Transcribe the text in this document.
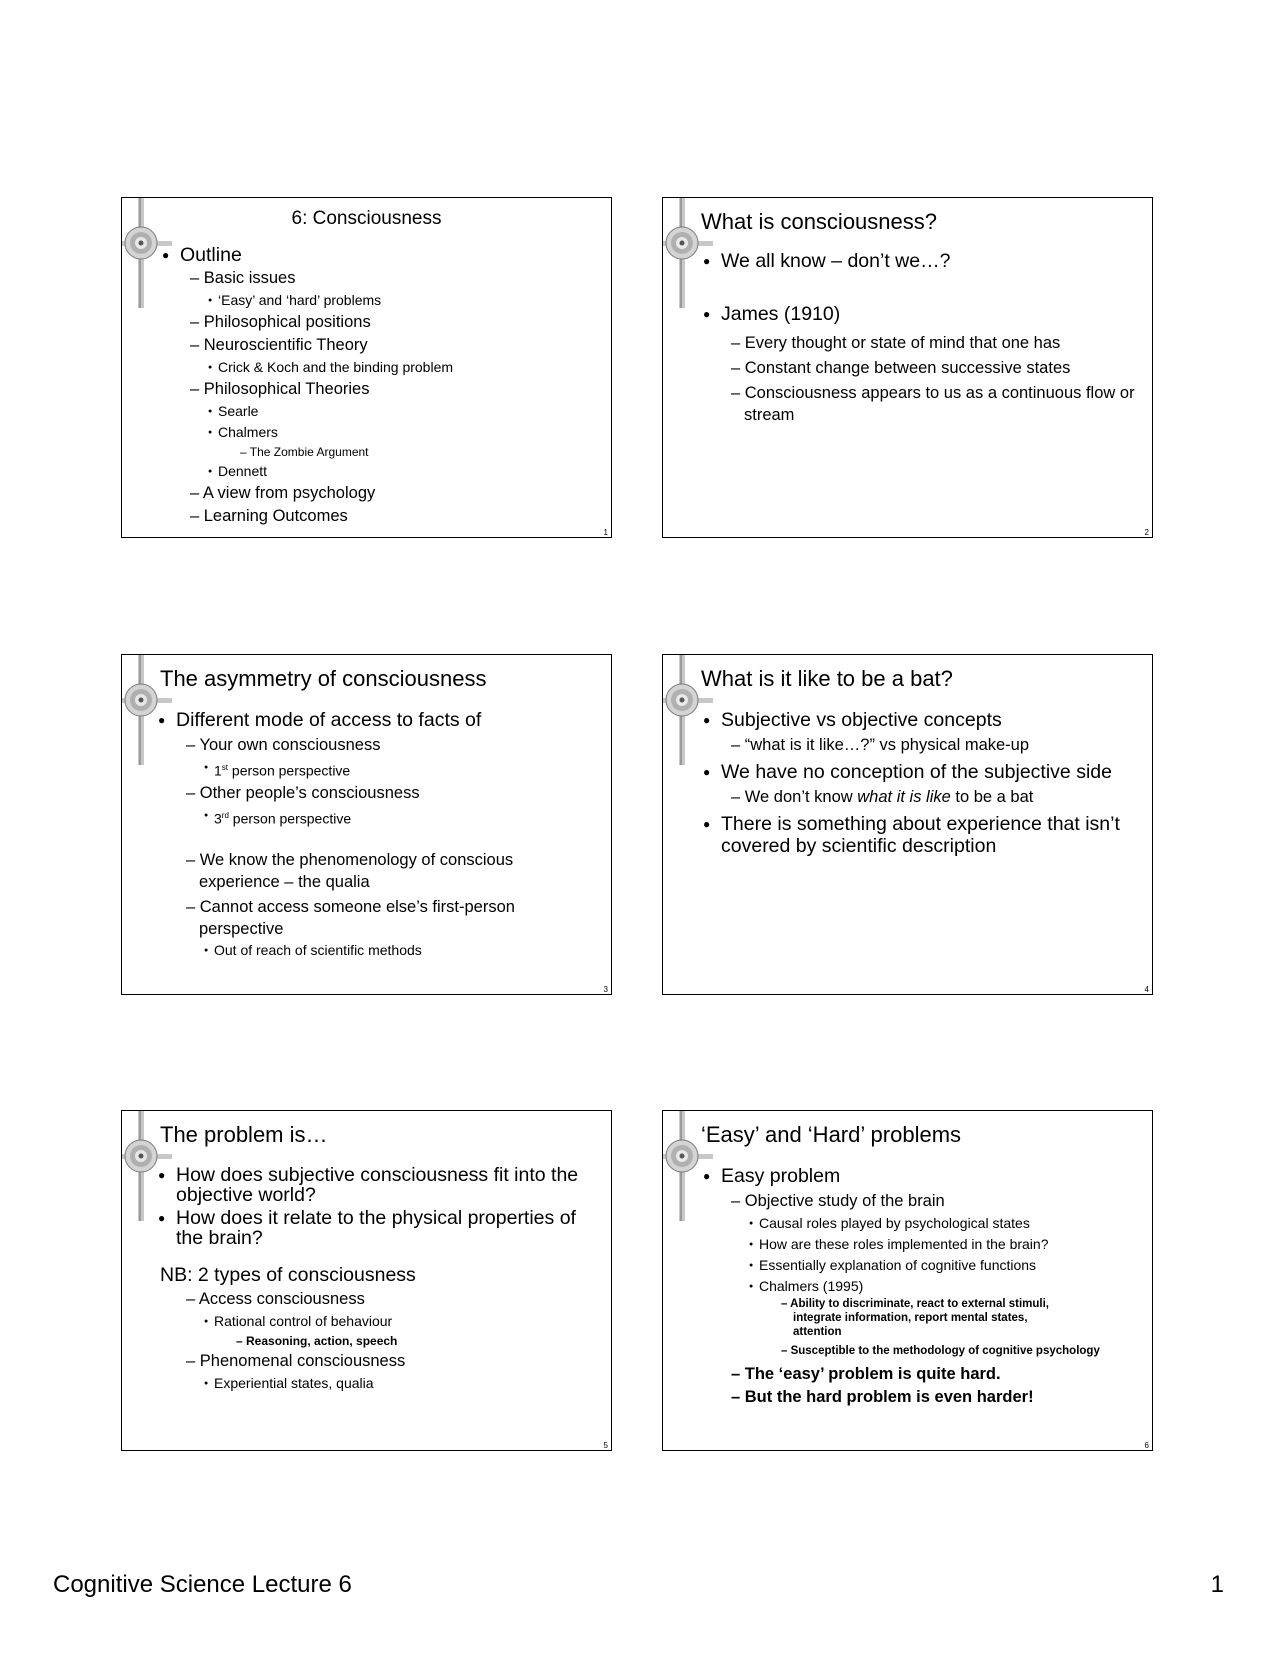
6: Consciousness
● Outline
– Basic issues
● ‘Easy’ and ‘hard’ problems
– Philosophical positions
– Neuroscientific Theory
● Crick & Koch and the binding problem
– Philosophical Theories
● Searle
● Chalmers
– The Zombie Argument
● Dennett
– A view from psychology
– Learning Outcomes
1
What is consciousness?
● We all know – don’t we…?
● James (1910)
– Every thought or state of mind that one has
– Constant change between successive states
– Consciousness appears to us as a continuous flow or stream
2
The asymmetry of consciousness
● Different mode of access to facts of
– Your own consciousness
● 1st person perspective
– Other people’s consciousness
● 3rd person perspective
– We know the phenomenology of conscious experience – the qualia
– Cannot access someone else’s first-person perspective
● Out of reach of scientific methods
3
What is it like to be a bat?
● Subjective vs objective concepts
– “what is it like…?” vs physical make-up
● We have no conception of the subjective side
– We don’t know what it is like to be a bat
● There is something about experience that isn’t covered by scientific description
4
The problem is…
● How does subjective consciousness fit into the objective world?
● How does it relate to the physical properties of the brain?
NB: 2 types of consciousness
– Access consciousness
● Rational control of behaviour
– Reasoning, action, speech
– Phenomenal consciousness
● Experiential states, qualia
5
‘Easy’ and ‘Hard’ problems
● Easy problem
– Objective study of the brain
● Causal roles played by psychological states
● How are these roles implemented in the brain?
● Essentially explanation of cognitive functions
● Chalmers (1995)
– Ability to discriminate, react to external stimuli, integrate information, report mental states, attention
– Susceptible to the methodology of cognitive psychology
– The ‘easy’ problem is quite hard.
– But the hard problem is even harder!
6
Cognitive Science Lecture 6	1
